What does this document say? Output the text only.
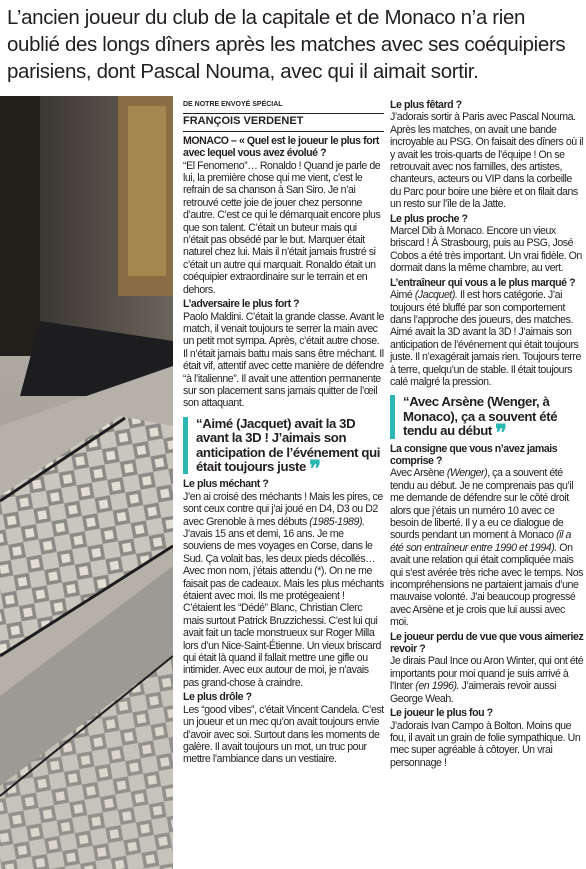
L’ancien joueur du club de la capitale et de Monaco n’a rien oublié des longs dîners après les matches avec ses coéquipiers parisiens, dont Pascal Nouma, avec qui il aimait sortir.
DE NOTRE ENVOYÉ SPÉCIAL
FRANÇOIS VERDENET
MONACO – « Quel est le joueur le plus fort avec lequel vous avez évolué ?
“El Fenomeno”… Ronaldo ! Quand je parle de lui, la première chose qui me vient, c’est le refrain de sa chanson à San Siro. Je n’ai retrouvé cette joie de jouer chez personne d’autre. C’est ce qui le démarquait encore plus que son talent. C’était un buteur mais qui n’était pas obsédé par le but. Marquer était naturel chez lui. Mais il n’était jamais frustré si c’était un autre qui marquait. Ronaldo était un coéquipier extraordinaire sur le terrain et en dehors.
L’adversaire le plus fort ?
Paolo Maldini. C’était la grande classe. Avant le match, il venait toujours te serrer la main avec un petit mot sympa. Après, c’était autre chose. Il n’était jamais battu mais sans être méchant. Il était vif, attentif avec cette manière de défendre “à l’italienne”. Il avait une attention permanente sur son placement sans jamais quitter de l’œil son attaquant.
“Aimé (Jacquet) avait la 3D avant la 3D ! J’aimais son anticipation de l’événement qui était toujours juste ❞
Le plus méchant ?
J’en ai croisé des méchants ! Mais les pires, ce sont ceux contre qui j’ai joué en D4, D3 ou D2 avec Grenoble à mes débuts (1985-1989). J’avais 15 ans et demi, 16 ans. Je me souviens de mes voyages en Corse, dans le Sud. Ça volait bas, les deux pieds décollés… Avec mon nom, j’étais attendu (*). On ne me faisait pas de cadeaux. Mais les plus méchants étaient avec moi. Ils me protégeaient ! C’étaient les “Dédé” Blanc, Christian Clerc mais surtout Patrick Bruzzichessi. C’est lui qui avait fait un tacle monstrueux sur Roger Milla lors d’un Nice-Saint-Étienne. Un vieux briscard qui était là quand il fallait mettre une gifle ou intimider. Avec eux autour de moi, je n’avais pas grand-chose à craindre.
Le plus drôle ?
Les “good vibes”, c’était Vincent Candela. C’est un joueur et un mec qu’on avait toujours envie d’avoir avec soi. Surtout dans les moments de galère. Il avait toujours un mot, un truc pour mettre l’ambiance dans un vestiaire.
Le plus fêtard ?
J’adorais sortir à Paris avec Pascal Nouma. Après les matches, on avait une bande incroyable au PSG. On faisait des dîners où il y avait les trois-quarts de l’équipe ! On se retrouvait avec nos familles, des artistes, chanteurs, acteurs ou VIP dans la corbeille du Parc pour boire une bière et on filait dans un resto sur l’île de la Jatte.
Le plus proche ?
Marcel Dib à Monaco. Encore un vieux briscard ! À Strasbourg, puis au PSG, José Cobos a été très important. Un vrai fidèle. On dormait dans la même chambre, au vert.
L’entraîneur qui vous a le plus marqué ?
Aimé (Jacquet). Il est hors catégorie. J’ai toujours été bluffé par son comportement dans l’approche des joueurs, des matches. Aimé avait la 3D avant la 3D ! J’aimais son anticipation de l’événement qui était toujours juste. Il n’exagérait jamais rien. Toujours terre à terre, quelqu’un de stable. Il était toujours calé malgré la pression.
“Avec Arsène (Wenger, à Monaco), ça a souvent été tendu au début ❞
La consigne que vous n’avez jamais comprise ?
Avec Arsène (Wenger), ça a souvent été tendu au début. Je ne comprenais pas qu’il me demande de défendre sur le côté droit alors que j’étais un numéro 10 avec ce besoin de liberté. Il y a eu ce dialogue de sourds pendant un moment à Monaco (il a été son entraîneur entre 1990 et 1994). On avait une relation qui était compliquée mais qui s’est avérée très riche avec le temps. Nos incompréhensions ne partaient jamais d’une mauvaise volonté. J’ai beaucoup progressé avec Arsène et je crois que lui aussi avec moi.
Le joueur perdu de vue que vous aimeriez revoir ?
Je dirais Paul Ince ou Aron Winter, qui ont été importants pour moi quand je suis arrivé à l’Inter (en 1996). J’aimerais revoir aussi George Weah.
Le joueur le plus fou ?
J’adorais Ivan Campo à Bolton. Moins que fou, il avait un grain de folie sympathique. Un mec super agréable à côtoyer. Un vrai personnage !
